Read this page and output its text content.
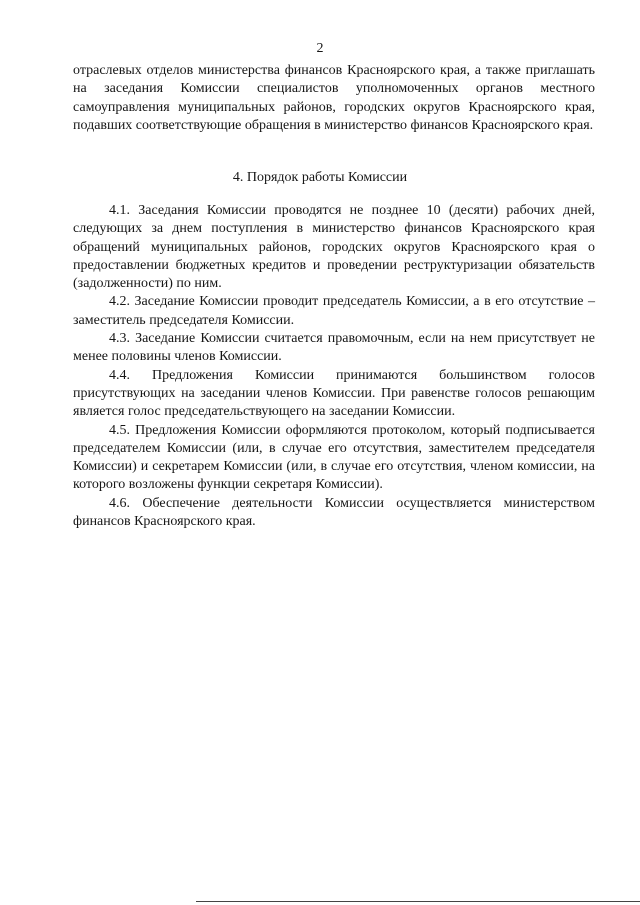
2

отраслевых отделов министерства финансов Красноярского края, а также приглашать на заседания Комиссии специалистов уполномоченных органов местного самоуправления муниципальных районов, городских округов Красноярского края, подавших соответствующие обращения в министерство финансов Красноярского края.

4. Порядок работы Комиссии

4.1. Заседания Комиссии проводятся не позднее 10 (десяти) рабочих дней, следующих за днем поступления в министерство финансов Красноярского края обращений муниципальных районов, городских округов Красноярского края о предоставлении бюджетных кредитов и проведении реструктуризации обязательств (задолженности) по ним.

4.2. Заседание Комиссии проводит председатель Комиссии, а в его отсутствие – заместитель председателя Комиссии.

4.3. Заседание Комиссии считается правомочным, если на нем присутствует не менее половины членов Комиссии.

4.4. Предложения Комиссии принимаются большинством голосов присутствующих на заседании членов Комиссии. При равенстве голосов решающим является голос председательствующего на заседании Комиссии.

4.5. Предложения Комиссии оформляются протоколом, который подписывается председателем Комиссии (или, в случае его отсутствия, заместителем председателя Комиссии) и секретарем Комиссии (или, в случае его отсутствия, членом комиссии, на которого возложены функции секретаря Комиссии).

4.6. Обеспечение деятельности Комиссии осуществляется министерством финансов Красноярского края.
